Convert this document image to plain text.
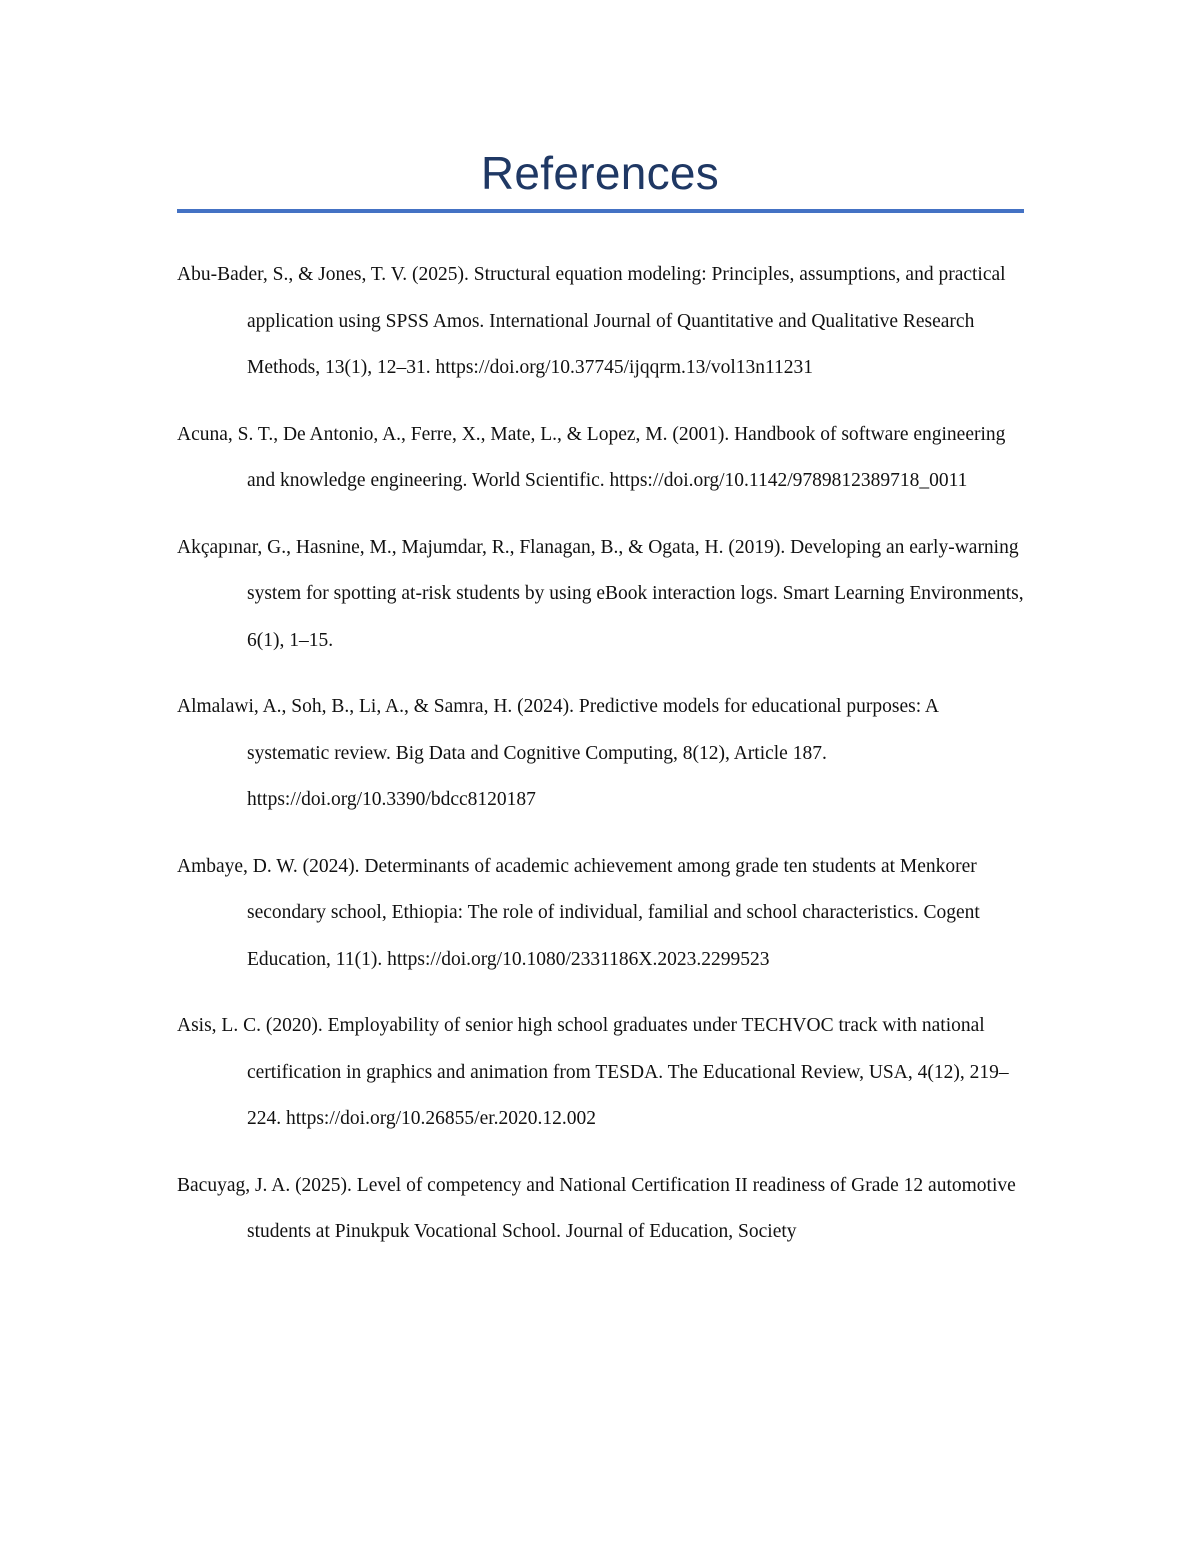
References

Abu-Bader, S., & Jones, T. V. (2025). Structural equation modeling: Principles, assumptions, and practical application using SPSS Amos. International Journal of Quantitative and Qualitative Research Methods, 13(1), 12–31. https://doi.org/10.37745/ijqqrm.13/vol13n11231

Acuna, S. T., De Antonio, A., Ferre, X., Mate, L., & Lopez, M. (2001). Handbook of software engineering and knowledge engineering. World Scientific. https://doi.org/10.1142/9789812389718_0011

Akçapınar, G., Hasnine, M., Majumdar, R., Flanagan, B., & Ogata, H. (2019). Developing an early-warning system for spotting at-risk students by using eBook interaction logs. Smart Learning Environments, 6(1), 1–15.

Almalawi, A., Soh, B., Li, A., & Samra, H. (2024). Predictive models for educational purposes: A systematic review. Big Data and Cognitive Computing, 8(12), Article 187. https://doi.org/10.3390/bdcc8120187

Ambaye, D. W. (2024). Determinants of academic achievement among grade ten students at Menkorer secondary school, Ethiopia: The role of individual, familial and school characteristics. Cogent Education, 11(1). https://doi.org/10.1080/2331186X.2023.2299523

Asis, L. C. (2020). Employability of senior high school graduates under TECHVOC track with national certification in graphics and animation from TESDA. The Educational Review, USA, 4(12), 219–224. https://doi.org/10.26855/er.2020.12.002

Bacuyag, J. A. (2025). Level of competency and National Certification II readiness of Grade 12 automotive students at Pinukpuk Vocational School. Journal of Education, Society
